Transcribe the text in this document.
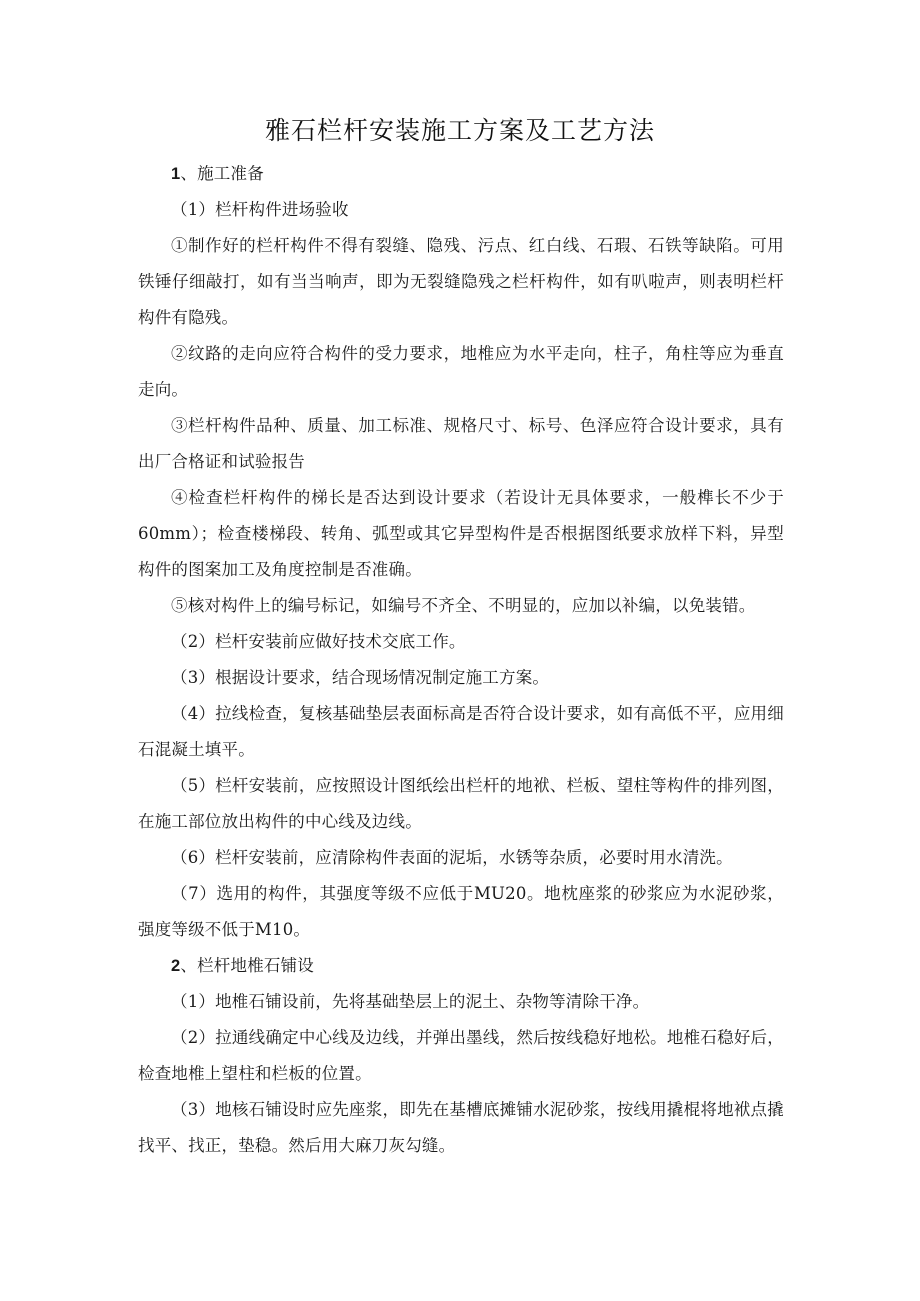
雅石栏杆安装施工方案及工艺方法

1、施工准备

（1）栏杆构件进场验收

①制作好的栏杆构件不得有裂缝、隐残、污点、红白线、石瑕、石铁等缺陷。可用铁锤仔细敲打，如有当当响声，即为无裂缝隐残之栏杆构件，如有叭啦声，则表明栏杆构件有隐残。

②纹路的走向应符合构件的受力要求，地椎应为水平走向，柱子，角柱等应为垂直走向。

③栏杆构件品种、质量、加工标准、规格尺寸、标号、色泽应符合设计要求，具有出厂合格证和试验报告

④检查栏杆构件的梯长是否达到设计要求（若设计无具体要求，一般榫长不少于60mm）；检查楼梯段、转角、弧型或其它异型构件是否根据图纸要求放样下料，异型构件的图案加工及角度控制是否准确。

⑤核对构件上的编号标记，如编号不齐全、不明显的，应加以补编，以免装错。

（2）栏杆安装前应做好技术交底工作。

（3）根据设计要求，结合现场情况制定施工方案。

（4）拉线检查，复核基础垫层表面标高是否符合设计要求，如有高低不平，应用细石混凝土填平。

（5）栏杆安装前，应按照设计图纸绘出栏杆的地袱、栏板、望柱等构件的排列图，在施工部位放出构件的中心线及边线。

（6）栏杆安装前，应清除构件表面的泥垢，水锈等杂质，必要时用水清洗。

（7）选用的构件，其强度等级不应低于MU20。地枕座浆的砂浆应为水泥砂浆，强度等级不低于M10。

2、栏杆地椎石铺设

（1）地椎石铺设前，先将基础垫层上的泥土、杂物等清除干净。

（2）拉通线确定中心线及边线，并弹出墨线，然后按线稳好地松。地椎石稳好后，检查地椎上望柱和栏板的位置。

（3）地核石铺设时应先座浆，即先在基槽底摊铺水泥砂浆，按线用撬棍将地袱点撬找平、找正，垫稳。然后用大麻刀灰勾缝。
